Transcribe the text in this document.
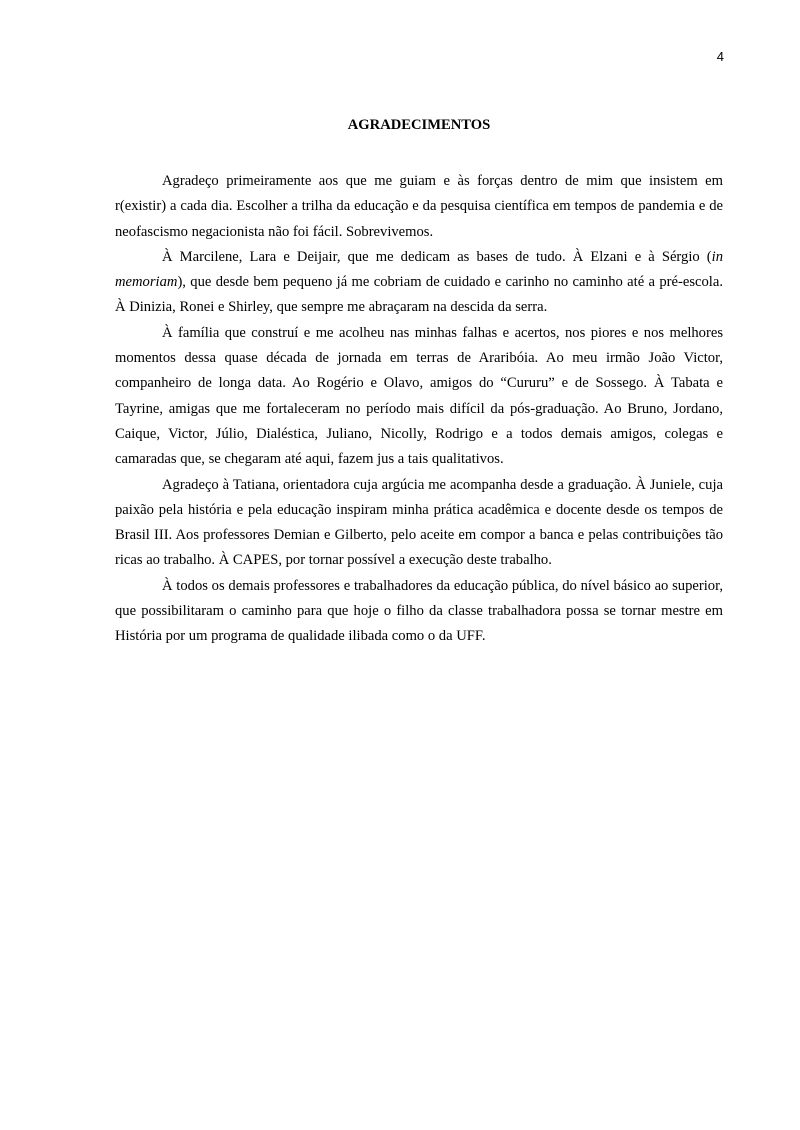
4
AGRADECIMENTOS

Agradeço primeiramente aos que me guiam e às forças dentro de mim que insistem em r(existir) a cada dia. Escolher a trilha da educação e da pesquisa científica em tempos de pandemia e de neofascismo negacionista não foi fácil. Sobrevivemos.

À Marcilene, Lara e Deijair, que me dedicam as bases de tudo. À Elzani e à Sérgio (in memoriam), que desde bem pequeno já me cobriam de cuidado e carinho no caminho até a pré-escola. À Dinizia, Ronei e Shirley, que sempre me abraçaram na descida da serra.

À família que construí e me acolheu nas minhas falhas e acertos, nos piores e nos melhores momentos dessa quase década de jornada em terras de Araribóia. Ao meu irmão João Victor, companheiro de longa data. Ao Rogério e Olavo, amigos do “Cururu” e de Sossego. À Tabata e Tayrine, amigas que me fortaleceram no período mais difícil da pós-graduação. Ao Bruno, Jordano, Caique, Victor, Júlio, Dialéstica, Juliano, Nicolly, Rodrigo e a todos demais amigos, colegas e camaradas que, se chegaram até aqui, fazem jus a tais qualitativos.

Agradeço à Tatiana, orientadora cuja argúcia me acompanha desde a graduação. À Juniele, cuja paixão pela história e pela educação inspiram minha prática acadêmica e docente desde os tempos de Brasil III. Aos professores Demian e Gilberto, pelo aceite em compor a banca e pelas contribuições tão ricas ao trabalho. À CAPES, por tornar possível a execução deste trabalho.

À todos os demais professores e trabalhadores da educação pública, do nível básico ao superior, que possibilitaram o caminho para que hoje o filho da classe trabalhadora possa se tornar mestre em História por um programa de qualidade ilibada como o da UFF.
